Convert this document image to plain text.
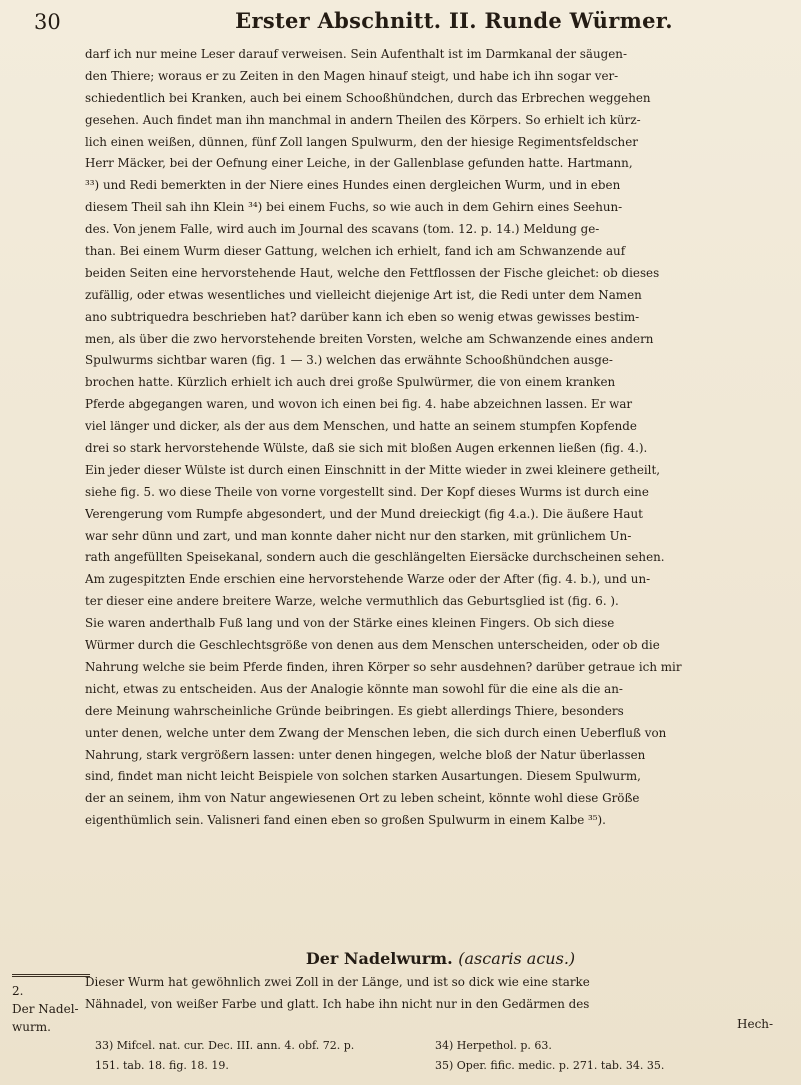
30	Erster Abschnitt. II. Runde Würmer.
darf ich nur meine Leser darauf verweisen. Sein Aufenthalt ist im Darmkanal der säugen-
den Thiere; woraus er zu Zeiten in den Magen hinauf steigt, und habe ich ihn sogar ver-
schiedentlich bei Kranken, auch bei einem Schooßhündchen, durch das Erbrechen weggehen
gesehen. Auch findet man ihn manchmal in andern Theilen des Körpers. So erhielt ich kürz-
lich einen weißen, dünnen, fünf Zoll langen Spulwurm, den der hiesige Regimentsfeldscher
Herr Mäcker, bei der Oefnung einer Leiche, in der Gallenblase gefunden hatte. Hartmann,
³³) und Redi bemerkten in der Niere eines Hundes einen dergleichen Wurm, und in eben
diesem Theil sah ihn Klein ³⁴) bei einem Fuchs, so wie auch in dem Gehirn eines Seehun-
des. Von jenem Falle, wird auch im Journal des scavans (tom. 12. p. 14.) Meldung ge-
than. Bei einem Wurm dieser Gattung, welchen ich erhielt, fand ich am Schwanzende auf
beiden Seiten eine hervorstehende Haut, welche den Fettflossen der Fische gleichet: ob dieses
zufällig, oder etwas wesentliches und vielleicht diejenige Art ist, die Redi unter dem Namen
ano subtriquedra beschrieben hat? darüber kann ich eben so wenig etwas gewisses bestim-
men, als über die zwo hervorstehende breiten Vorsten, welche am Schwanzende eines andern
Spulwurms sichtbar waren (fig. 1 — 3.) welchen das erwähnte Schooßhündchen ausge-
brochen hatte. Kürzlich erhielt ich auch drei große Spulwürmer, die von einem kranken
Pferde abgegangen waren, und wovon ich einen bei fig. 4. habe abzeichnen lassen. Er war
viel länger und dicker, als der aus dem Menschen, und hatte an seinem stumpfen Kopfende
drei so stark hervorstehende Wülste, daß sie sich mit bloßen Augen erkennen ließen (fig. 4.).
Ein jeder dieser Wülste ist durch einen Einschnitt in der Mitte wieder in zwei kleinere getheilt,
siehe fig. 5. wo diese Theile von vorne vorgestellt sind. Der Kopf dieses Wurms ist durch eine
Verengerung vom Rumpfe abgesondert, und der Mund dreieckigt (fig 4.a.). Die äußere Haut
war sehr dünn und zart, und man konnte daher nicht nur den starken, mit grünlichem Un-
rath angefüllten Speisekanal, sondern auch die geschlängelten Eiersäcke durchscheinen sehen.
Am zugespitzten Ende erschien eine hervorstehende Warze oder der After (fig. 4. b.), und un-
ter dieser eine andere breitere Warze, welche vermuthlich das Geburtsglied ist (fig. 6. ).
Sie waren anderthalb Fuß lang und von der Stärke eines kleinen Fingers. Ob sich diese
Würmer durch die Geschlechtsgröße von denen aus dem Menschen unterscheiden, oder ob die
Nahrung welche sie beim Pferde finden, ihren Körper so sehr ausdehnen? darüber getraue ich mir
nicht, etwas zu entscheiden. Aus der Analogie könnte man sowohl für die eine als die an-
dere Meinung wahrscheinliche Gründe beibringen. Es giebt allerdings Thiere, besonders
unter denen, welche unter dem Zwang der Menschen leben, die sich durch einen Ueberfluß von
Nahrung, stark vergrößern lassen: unter denen hingegen, welche bloß der Natur überlassen
sind, findet man nicht leicht Beispiele von solchen starken Ausartungen. Diesem Spulwurm,
der an seinem, ihm von Natur angewiesenen Ort zu leben scheint, könnte wohl diese Größe
eigenthümlich sein. Valisneri fand einen eben so großen Spulwurm in einem Kalbe ³⁵).
2.
Der Nadel-
wurm.
Der Nadelwurm. (ascaris acus.)
Dieser Wurm hat gewöhnlich zwei Zoll in der Länge, und ist so dick wie eine starke
Nähnadel, von weißer Farbe und glatt. Ich habe ihn nicht nur in den Gedärmen des
Hech-
33) Mifcel. nat. cur. Dec. III. ann. 4. obf. 72. p.	34) Herpethol. p. 63.
151. tab. 18. fig. 18. 19.	35) Oper. fific. medic. p. 271. tab. 34. 35.
